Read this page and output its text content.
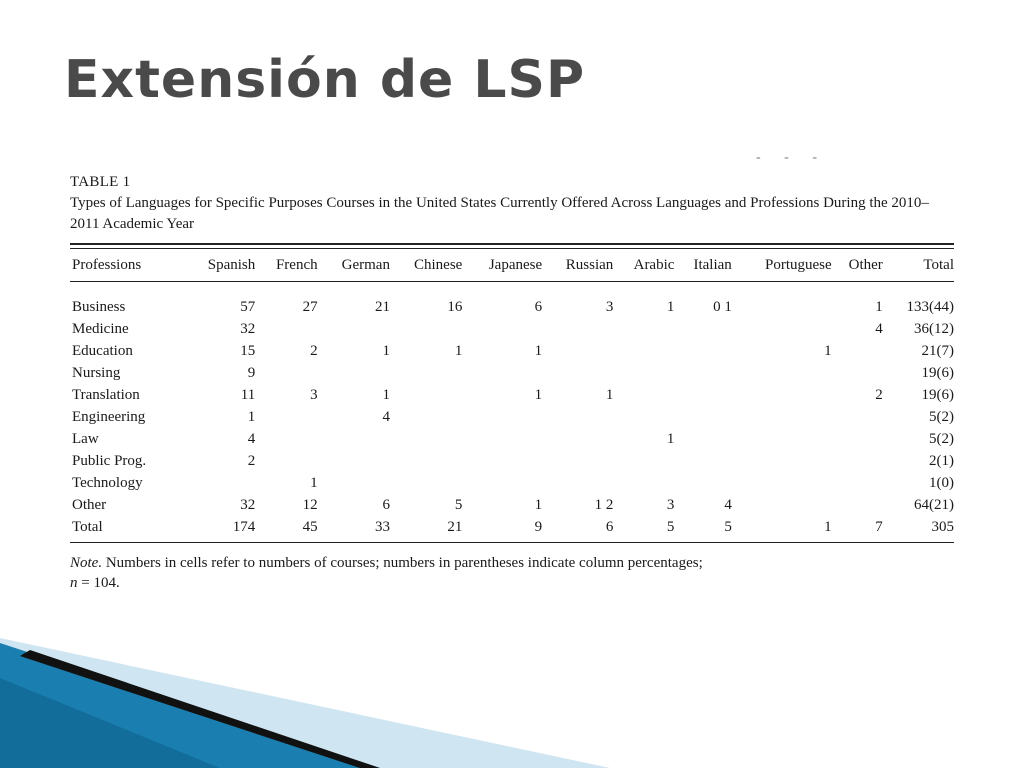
Extensión de LSP
- - -
TABLE 1
Types of Languages for Specific Purposes Courses in the United States Currently Offered Across Languages and Professions During the 2010–2011 Academic Year
Professions	Spanish	French	German	Chinese	Japanese	Russian	Arabic	Italian	Portuguese	Other	Total

Business	57	27	21	16	6	3	1	0 1		1	133(44)
Medicine	32									4	36(12)
Education	15	2	1	1	1				1		21(7)
Nursing	9										19(6)
Translation	11	3	1		1	1				2	19(6)
Engineering	1		4								5(2)
Law	4						1				5(2)
Public Prog.	2										2(1)
Technology		1									1(0)
Other	32	12	6	5	1	1 2	3	4			64(21)
Total	174	45	33	21	9	6	5	5	1	7	305
Note. Numbers in cells refer to numbers of courses; numbers in parentheses indicate column percentages;
n = 104.
